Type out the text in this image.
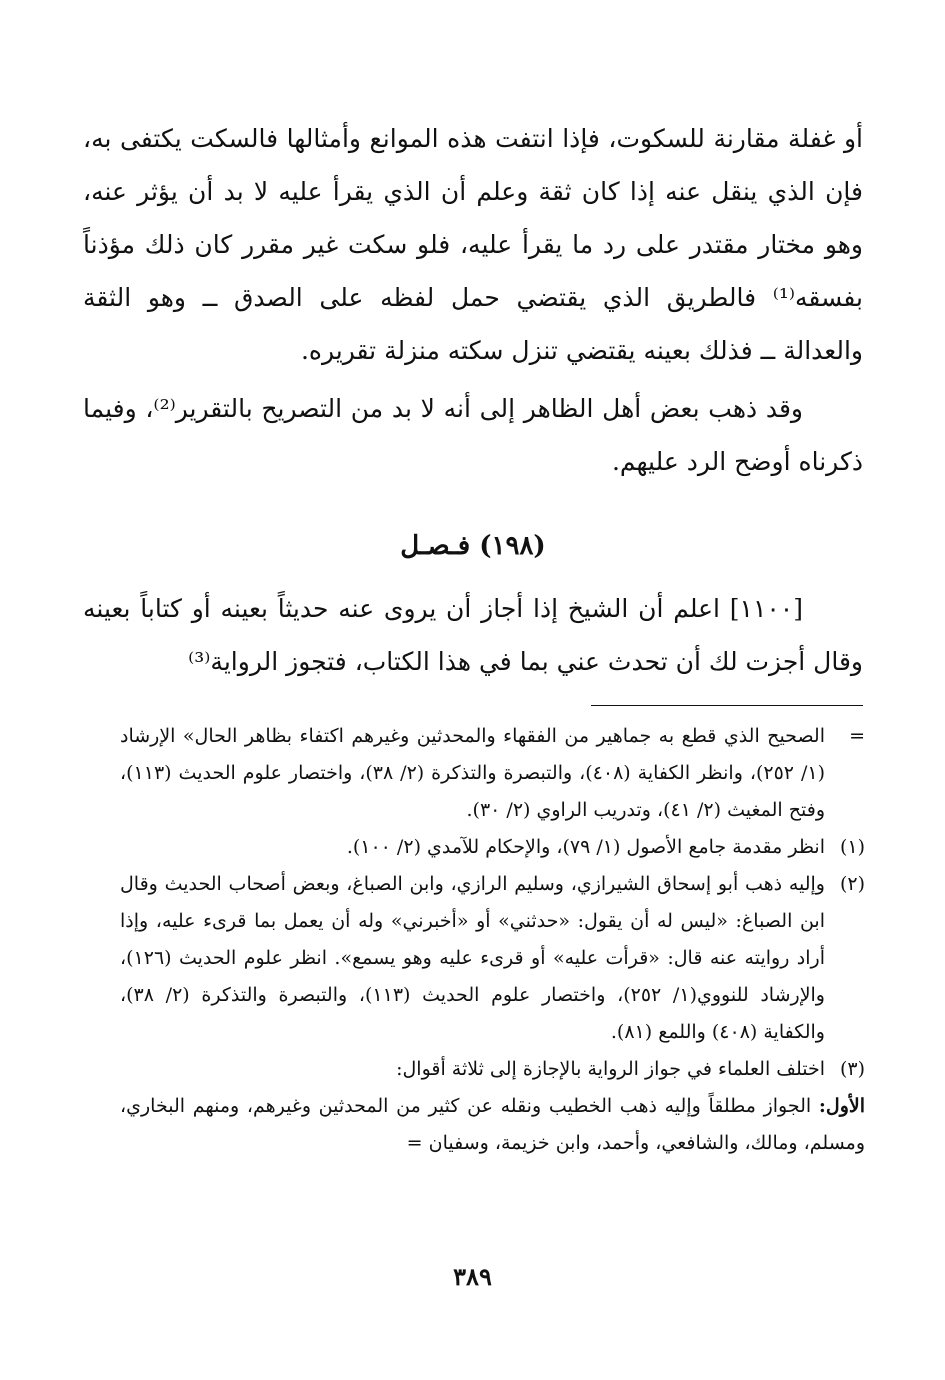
أو غفلة مقارنة للسكوت، فإذا انتفت هذه الموانع وأمثالها فالسكت يكتفى به، فإن الذي ينقل عنه إذا كان ثقة وعلم أن الذي يقرأ عليه لا بد أن يؤثر عنه، وهو مختار مقتدر على رد ما يقرأ عليه، فلو سكت غير مقرر كان ذلك مؤذناً بفسقه⁽¹⁾ فالطريق الذي يقتضي حمل لفظه على الصدق ــ وهو الثقة والعدالة ــ فذلك بعينه يقتضي تنزل سكته منزلة تقريره.

وقد ذهب بعض أهل الظاهر إلى أنه لا بد من التصريح بالتقرير⁽²⁾، وفيما ذكرناه أوضح الرد عليهم.

(١٩٨) فـصـل

[١١٠٠] اعلم أن الشيخ إذا أجاز أن يروى عنه حديثاً بعينه أو كتاباً بعينه وقال أجزت لك أن تحدث عني بما في هذا الكتاب، فتجوز الرواية⁽³⁾

=
الصحيح الذي قطع به جماهير من الفقهاء والمحدثين وغيرهم اكتفاء بظاهر الحال» الإرشاد (١/ ٢٥٢)، وانظر الكفاية (٤٠٨)، والتبصرة والتذكرة (٢/ ٣٨)، واختصار علوم الحديث (١١٣)، وفتح المغيث (٢/ ٤١)، وتدريب الراوي (٢/ ٣٠).

(١)
انظر مقدمة جامع الأصول (١/ ٧٩)، والإحكام للآمدي (٢/ ١٠٠).

(٢)
وإليه ذهب أبو إسحاق الشيرازي، وسليم الرازي، وابن الصباغ، وبعض أصحاب الحديث وقال ابن الصباغ: «ليس له أن يقول: «حدثني» أو «أخبرني» وله أن يعمل بما قرىء عليه، وإذا أراد روايته عنه قال: «قرأت عليه» أو قرىء عليه وهو يسمع». انظر علوم الحديث (١٢٦)، والإرشاد للنووي(١/ ٢٥٢)، واختصار علوم الحديث (١١٣)، والتبصرة والتذكرة (٢/ ٣٨)، والكفاية (٤٠٨) واللمع (٨١).

(٣)
اختلف العلماء في جواز الرواية بالإجازة إلى ثلاثة أقوال:

الأول: الجواز مطلقاً وإليه ذهب الخطيب ونقله عن كثير من المحدثين وغيرهم، ومنهم البخاري، ومسلم، ومالك، والشافعي، وأحمد، وابن خزيمة، وسفيان =

٣٨٩
